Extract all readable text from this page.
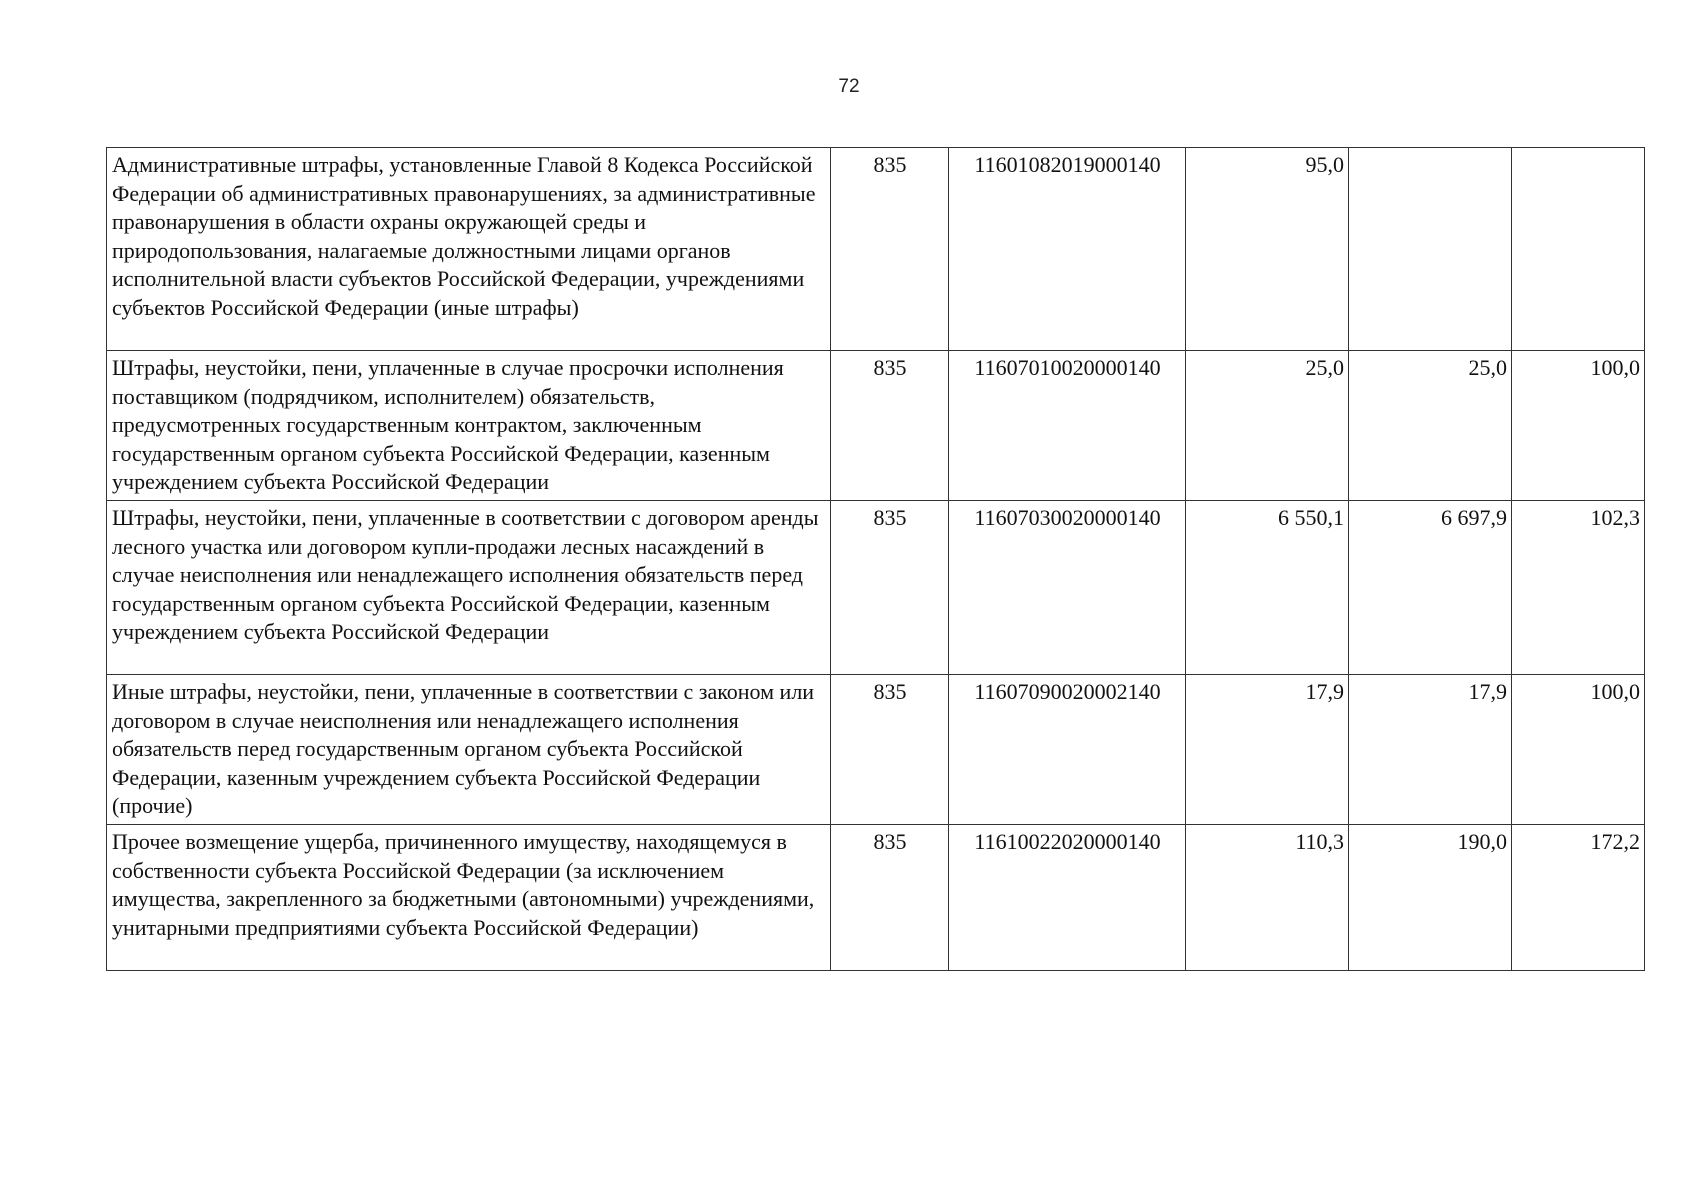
72
Административные штрафы, установленные Главой 8 Кодекса Российской Федерации об административных правонарушениях, за административные правонарушения в области охраны окружающей среды и природопользования, налагаемые должностными лицами органов исполнительной власти субъектов Российской Федерации, учреждениями субъектов Российской Федерации (иные штрафы)	835	11601082019000140	95,0		
Штрафы, неустойки, пени, уплаченные в случае просрочки исполнения поставщиком (подрядчиком, исполнителем) обязательств, предусмотренных государственным контрактом, заключенным государственным органом субъекта Российской Федерации, казенным учреждением субъекта Российской Федерации	835	11607010020000140	25,0	25,0	100,0
Штрафы, неустойки, пени, уплаченные в соответствии с договором аренды лесного участка или договором купли-продажи лесных насаждений в случае неисполнения или ненадлежащего исполнения обязательств перед государственным органом субъекта Российской Федерации, казенным учреждением субъекта Российской Федерации	835	11607030020000140	6 550,1	6 697,9	102,3
Иные штрафы, неустойки, пени, уплаченные в соответствии с законом или договором в случае неисполнения или ненадлежащего исполнения обязательств перед государственным органом субъекта Российской Федерации, казенным учреждением субъекта Российской Федерации (прочие)	835	11607090020002140	17,9	17,9	100,0
Прочее возмещение ущерба, причиненного имуществу, находящемуся в собственности субъекта Российской Федерации (за исключением имущества, закрепленного за бюджетными (автономными) учреждениями, унитарными предприятиями субъекта Российской Федерации)	835	11610022020000140	110,3	190,0	172,2
